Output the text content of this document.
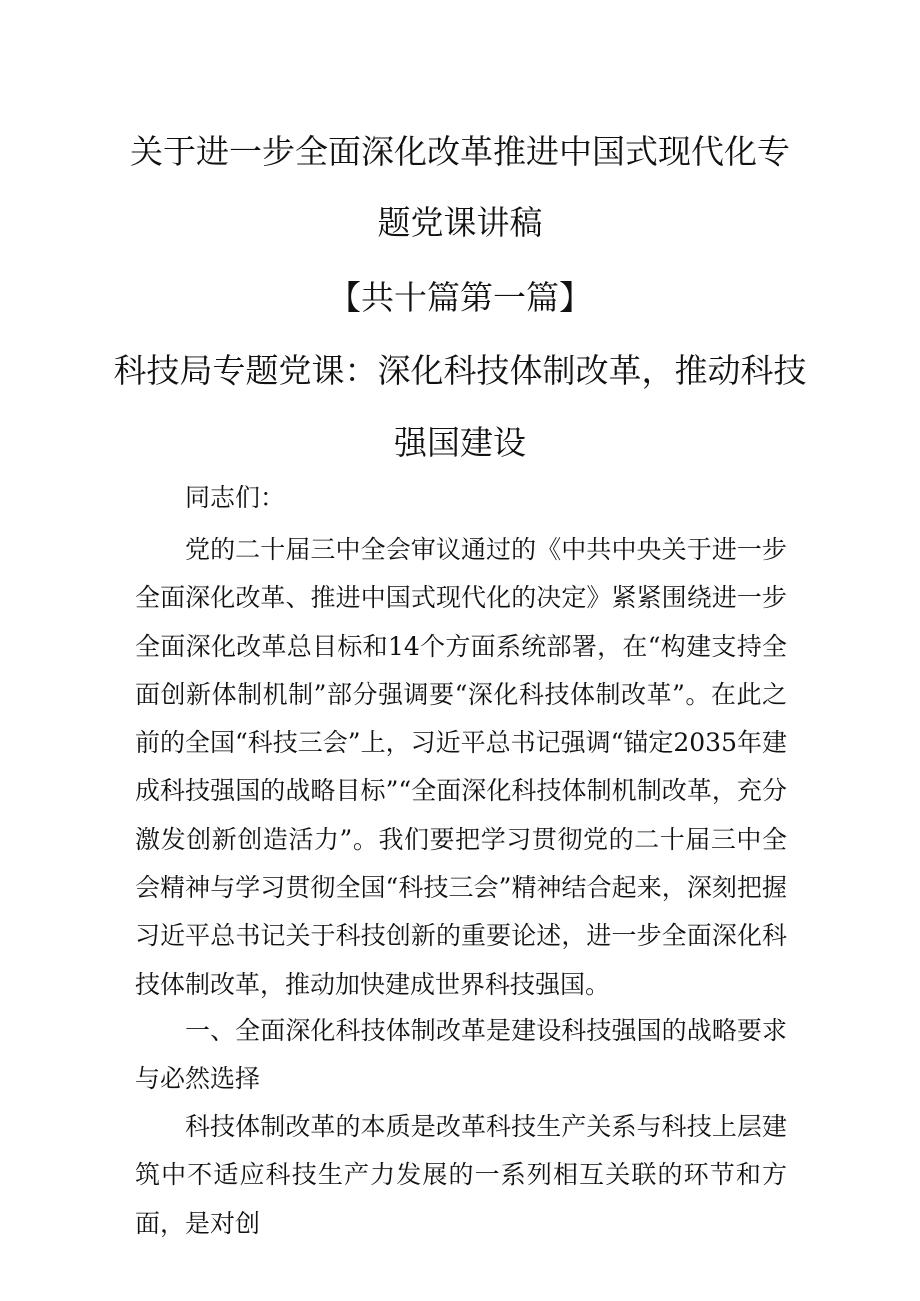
关于进一步全面深化改革推进中国式现代化专
题党课讲稿
【共十篇第一篇】
科技局专题党课：深化科技体制改革，推动科技
强国建设

同志们：

党的二十届三中全会审议通过的《中共中央关于进一步全面深化改革、推进中国式现代化的决定》紧紧围绕进一步全面深化改革总目标和14个方面系统部署，在“构建支持全面创新体制机制”部分强调要“深化科技体制改革”。在此之前的全国“科技三会”上，习近平总书记强调“锚定2035年建成科技强国的战略目标”“全面深化科技体制机制改革，充分激发创新创造活力”。我们要把学习贯彻党的二十届三中全会精神与学习贯彻全国“科技三会”精神结合起来，深刻把握习近平总书记关于科技创新的重要论述，进一步全面深化科技体制改革，推动加快建成世界科技强国。

一、全面深化科技体制改革是建设科技强国的战略要求与必然选择

科技体制改革的本质是改革科技生产关系与科技上层建筑中不适应科技生产力发展的一系列相互关联的环节和方面，是对创
